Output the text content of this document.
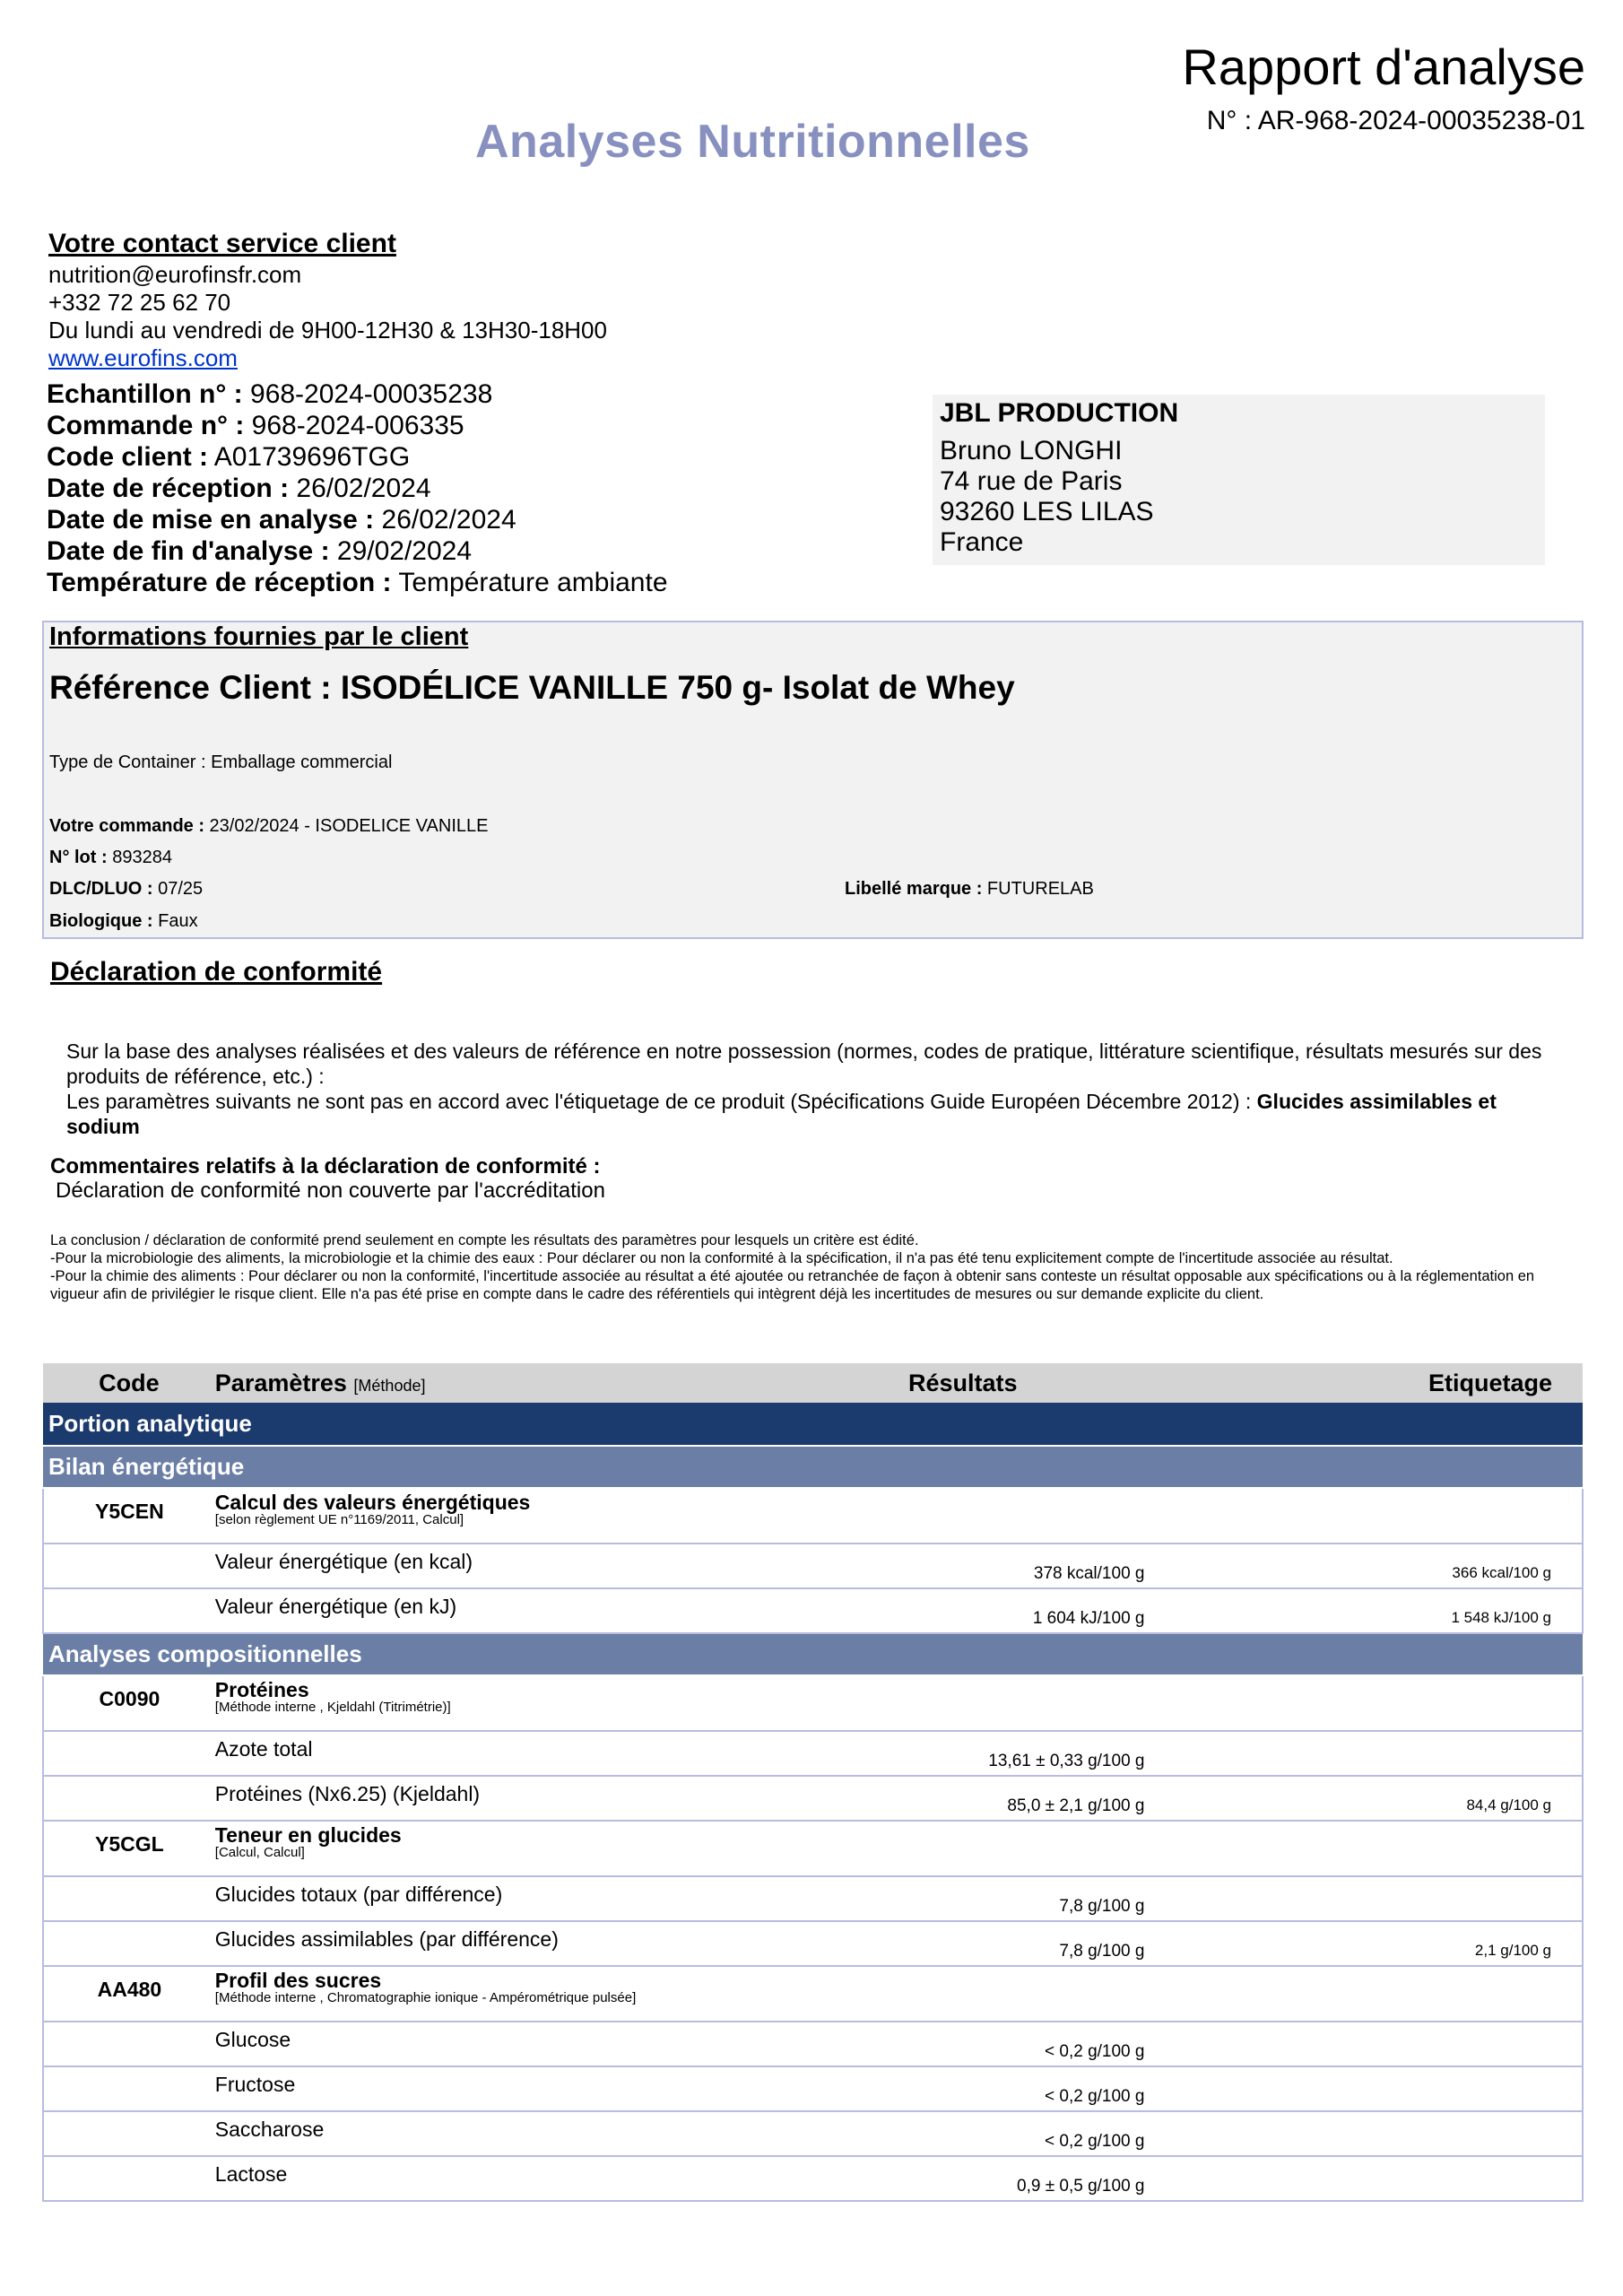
Rapport d'analyse
N° : AR-968-2024-00035238-01
Analyses Nutritionnelles
Votre contact service client
nutrition@eurofinsfr.com
+332 72 25 62 70
Du lundi au vendredi de 9H00-12H30 & 13H30-18H00
www.eurofins.com
Echantillon n° : 968-2024-00035238
Commande n° : 968-2024-006335
Code client : A01739696TGG
Date de réception : 26/02/2024
Date de mise en analyse : 26/02/2024
Date de fin d'analyse : 29/02/2024
Température de réception : Température ambiante
JBL PRODUCTION
Bruno LONGHI
74 rue de Paris
93260 LES LILAS
France
Informations fournies par le client
Référence Client : ISODÉLICE VANILLE 750 g- Isolat de Whey
Type de Container : Emballage commercial
Votre commande : 23/02/2024 - ISODELICE VANILLE
N° lot : 893284
DLC/DLUO : 07/25	Libellé marque : FUTURELAB
Biologique : Faux
Déclaration de conformité
Sur la base des analyses réalisées et des valeurs de référence en notre possession (normes, codes de pratique, littérature scientifique, résultats mesurés sur des produits de référence, etc.) :
Les paramètres suivants ne sont pas en accord avec l'étiquetage de ce produit (Spécifications Guide Européen Décembre 2012) : Glucides assimilables et sodium
Commentaires relatifs à la déclaration de conformité :
Déclaration de conformité non couverte par l'accréditation
La conclusion / déclaration de conformité prend seulement en compte les résultats des paramètres pour lesquels un critère est édité.
-Pour la microbiologie des aliments, la microbiologie et la chimie des eaux : Pour déclarer ou non la conformité à la spécification, il n'a pas été tenu explicitement compte de l'incertitude associée au résultat.
-Pour la chimie des aliments : Pour déclarer ou non la conformité, l'incertitude associée au résultat a été ajoutée ou retranchée de façon à obtenir sans conteste un résultat opposable aux spécifications ou à la réglementation en vigueur afin de privilégier le risque client. Elle n'a pas été prise en compte dans le cadre des référentiels qui intègrent déjà les incertitudes de mesures ou sur demande explicite du client.
Code	Paramètres [Méthode]	Résultats	Etiquetage
Portion analytique			
Bilan énergétique			
Y5CEN	Calcul des valeurs énergétiques
[selon règlement UE n°1169/2011, Calcul]		

	Valeur énergétique (en kcal)	378 kcal/100 g	366 kcal/100 g
	Valeur énergétique (en kJ)	1 604 kJ/100 g	1 548 kJ/100 g
Analyses compositionnelles			
C0090	Protéines
[Méthode interne , Kjeldahl (Titrimétrie)]		

	Azote total	13,61 ± 0,33 g/100 g	
	Protéines (Nx6.25) (Kjeldahl)	85,0 ± 2,1 g/100 g	84,4 g/100 g
Y5CGL	Teneur en glucides
[Calcul, Calcul]		

	Glucides totaux (par différence)	7,8 g/100 g	
	Glucides assimilables (par différence)	7,8 g/100 g	2,1 g/100 g
AA480	Profil des sucres
[Méthode interne , Chromatographie ionique - Ampérométrique pulsée]		

	Glucose	< 0,2 g/100 g	
	Fructose	< 0,2 g/100 g	
	Saccharose	< 0,2 g/100 g	
	Lactose	0,9 ± 0,5 g/100 g	
